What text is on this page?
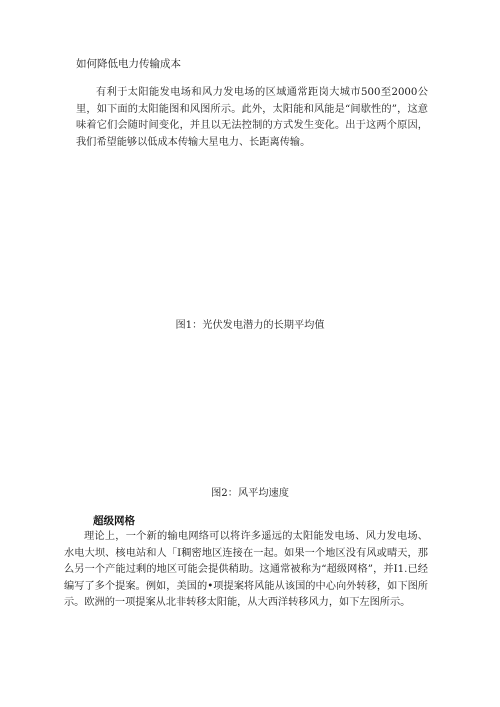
如何降低电力传输成本

有利于太阳能发电场和风力发电场的区域通常距岗大城市500至2000公里，如下面的太阳能图和风图所示。此外，太阳能和风能是“间歇性的”，这意味着它们会随时间变化，并且以无法控制的方式发生变化。出于这两个原因，我们希望能够以低成本传输大星电力、长距离传输。

图1：光伏发电潜力的长期平均值
图2：风平均速度
超级网格

理论上，一个新的输电网络可以将许多遥远的太阳能发电场、风力发电场、水电大坝、核电站和人「I稠密地区连接在一起。如果一个地区没有风或晴天，那么另一个产能过剩的地区可能会提供稍助。这通常被称为“超级网格”，并I1.已经编写了多个提案。例如，美国的•项提案将风能从该国的中心向外转移，如下图所示。欧洲的一项提案从北非转移太阳能，从大西洋转移风力，如下左图所示。
